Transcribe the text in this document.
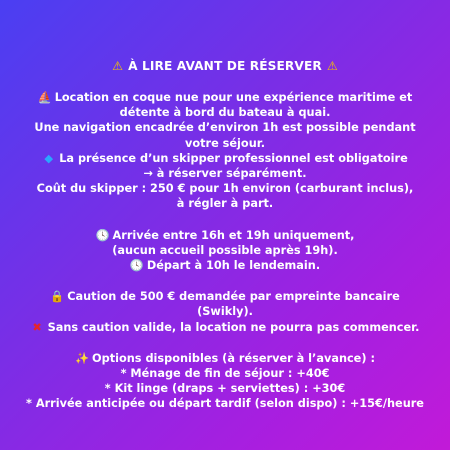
⚠ À LIRE AVANT DE RÉSERVER ⚠
⛵ Location en coque nue pour une expérience maritime et
détente à bord du bateau à quai.
Une navigation encadrée d’environ 1h est possible pendant
votre séjour.
◆ La présence d’un skipper professionnel est obligatoire
→ à réserver séparément.
Coût du skipper : 250 € pour 1h environ (carburant inclus),
à régler à part.
🕓 Arrivée entre 16h et 19h uniquement,
(aucun accueil possible après 19h).
🕓 Départ à 10h le lendemain.
🔒 Caution de 500 € demandée par empreinte bancaire
(Swikly).
✖ Sans caution valide, la location ne pourra pas commencer.
✨ Options disponibles (à réserver à l’avance) :
* Ménage de fin de séjour : +40€
* Kit linge (draps + serviettes) : +30€
* Arrivée anticipée ou départ tardif (selon dispo) : +15€/heure
